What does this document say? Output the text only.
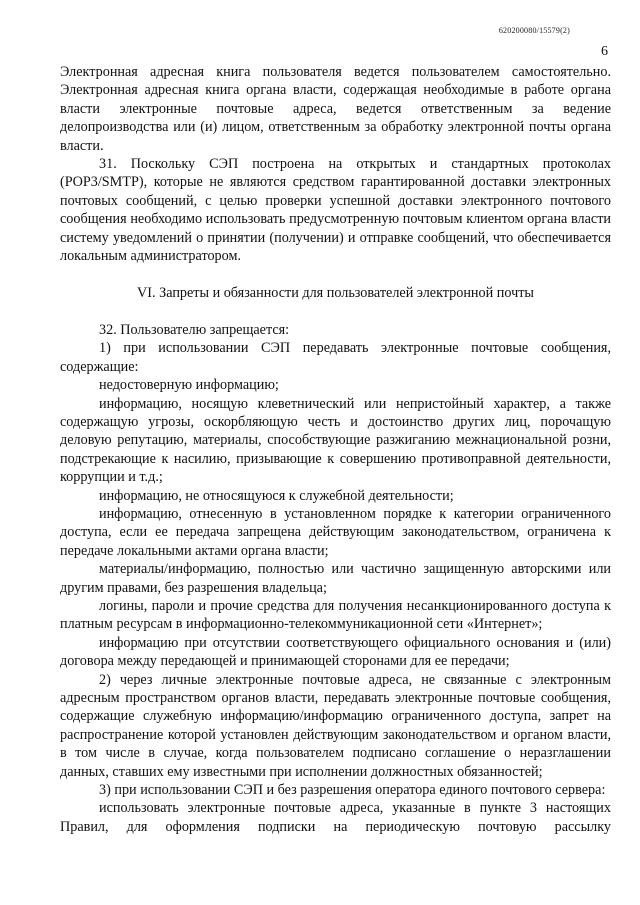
620200080/15579(2)
6

Электронная адресная книга пользователя ведется пользователем самостоятельно. Электронная адресная книга органа власти, содержащая необходимые в работе органа власти электронные почтовые адреса, ведется ответственным за ведение делопроизводства или (и) лицом, ответственным за обработку электронной почты органа власти.

31. Поскольку СЭП построена на открытых и стандартных протоколах (POP3/SMTP), которые не являются средством гарантированной доставки электронных почтовых сообщений, с целью проверки успешной доставки электронного почтового сообщения необходимо использовать предусмотренную почтовым клиентом органа власти систему уведомлений о принятии (получении) и отправке сообщений, что обеспечивается локальным администратором.

VI. Запреты и обязанности для пользователей электронной почты

32. Пользователю запрещается:

1) при использовании СЭП передавать электронные почтовые сообщения, содержащие:

недостоверную информацию;

информацию, носящую клеветнический или непристойный характер, а также содержащую угрозы, оскорбляющую честь и достоинство других лиц, порочащую деловую репутацию, материалы, способствующие разжиганию межнациональной розни, подстрекающие к насилию, призывающие к совершению противоправной деятельности, коррупции и т.д.;

информацию, не относящуюся к служебной деятельности;

информацию, отнесенную в установленном порядке к категории ограниченного доступа, если ее передача запрещена действующим законодательством, ограничена к передаче локальными актами органа власти;

материалы/информацию, полностью или частично защищенную авторскими или другим правами, без разрешения владельца;

логины, пароли и прочие средства для получения несанкционированного доступа к платным ресурсам в информационно-телекоммуникационной сети «Интернет»;

информацию при отсутствии соответствующего официального основания и (или) договора между передающей и принимающей сторонами для ее передачи;

2) через личные электронные почтовые адреса, не связанные с электронным адресным пространством органов власти, передавать электронные почтовые сообщения, содержащие служебную информацию/информацию ограниченного доступа, запрет на распространение которой установлен действующим законодательством и органом власти, в том числе в случае, когда пользователем подписано соглашение о неразглашении данных, ставших ему известными при исполнении должностных обязанностей;

3) при использовании СЭП и без разрешения оператора единого почтового сервера:

использовать электронные почтовые адреса, указанные в пункте 3 настоящих Правил, для оформления подписки на периодическую почтовую рассылку
